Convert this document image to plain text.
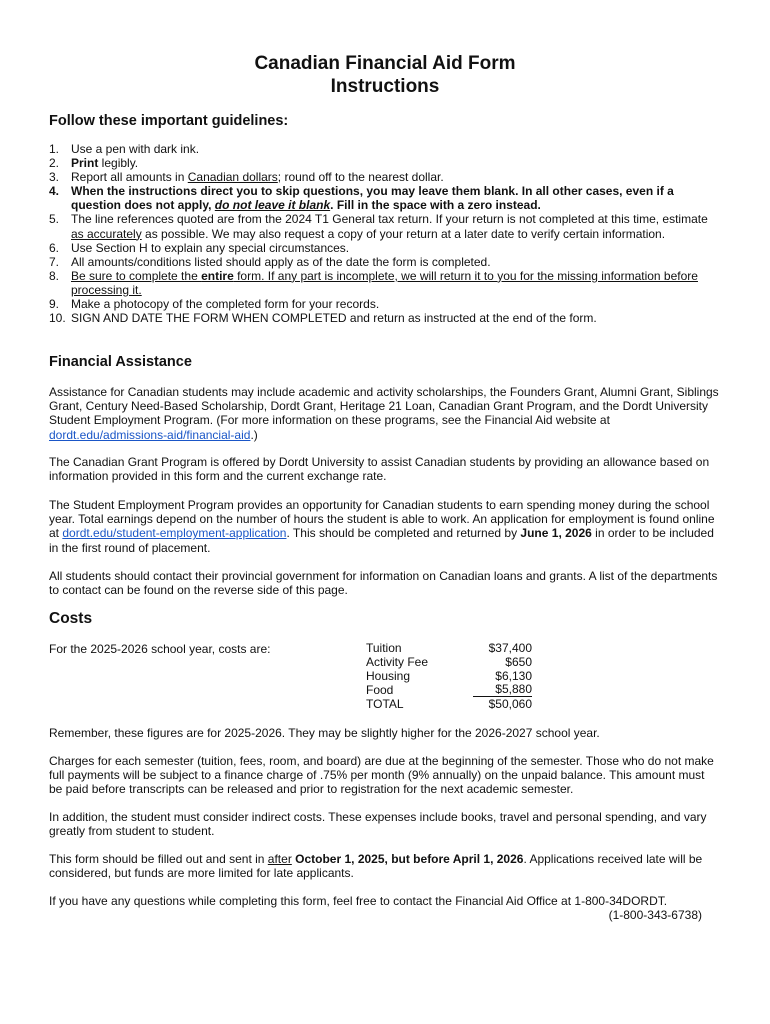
Canadian Financial Aid Form
Instructions
Follow these important guidelines:
1. Use a pen with dark ink.
2. Print legibly.
3. Report all amounts in Canadian dollars; round off to the nearest dollar.
4. When the instructions direct you to skip questions, you may leave them blank. In all other cases, even if a question does not apply, do not leave it blank. Fill in the space with a zero instead.
5. The line references quoted are from the 2024 T1 General tax return. If your return is not completed at this time, estimate as accurately as possible. We may also request a copy of your return at a later date to verify certain information.
6. Use Section H to explain any special circumstances.
7. All amounts/conditions listed should apply as of the date the form is completed.
8. Be sure to complete the entire form. If any part is incomplete, we will return it to you for the missing information before processing it.
9. Make a photocopy of the completed form for your records.
10. SIGN AND DATE THE FORM WHEN COMPLETED and return as instructed at the end of the form.
Financial Assistance

Assistance for Canadian students may include academic and activity scholarships, the Founders Grant, Alumni Grant, Siblings Grant, Century Need-Based Scholarship, Dordt Grant, Heritage 21 Loan, Canadian Grant Program, and the Dordt University Student Employment Program. (For more information on these programs, see the Financial Aid website at dordt.edu/admissions-aid/financial-aid.)

The Canadian Grant Program is offered by Dordt University to assist Canadian students by providing an allowance based on information provided in this form and the current exchange rate.

The Student Employment Program provides an opportunity for Canadian students to earn spending money during the school year. Total earnings depend on the number of hours the student is able to work. An application for employment is found online at dordt.edu/student-employment-application. This should be completed and returned by June 1, 2026 in order to be included in the first round of placement.

All students should contact their provincial government for information on Canadian loans and grants. A list of the departments to contact can be found on the reverse side of this page.

Costs
For the 2025-2026 school year, costs are:	Tuition	$37,400
Activity Fee	$650
Housing	$6,130
Food	$5,880
TOTAL	$50,060

Remember, these figures are for 2025-2026. They may be slightly higher for the 2026-2027 school year.

Charges for each semester (tuition, fees, room, and board) are due at the beginning of the semester. Those who do not make full payments will be subject to a finance charge of .75% per month (9% annually) on the unpaid balance. This amount must be paid before transcripts can be released and prior to registration for the next academic semester.

In addition, the student must consider indirect costs. These expenses include books, travel and personal spending, and vary greatly from student to student.

This form should be filled out and sent in after October 1, 2025, but before April 1, 2026. Applications received late will be considered, but funds are more limited for late applicants.

If you have any questions while completing this form, feel free to contact the Financial Aid Office at 1-800-34DORDT.

(1-800-343-6738)
